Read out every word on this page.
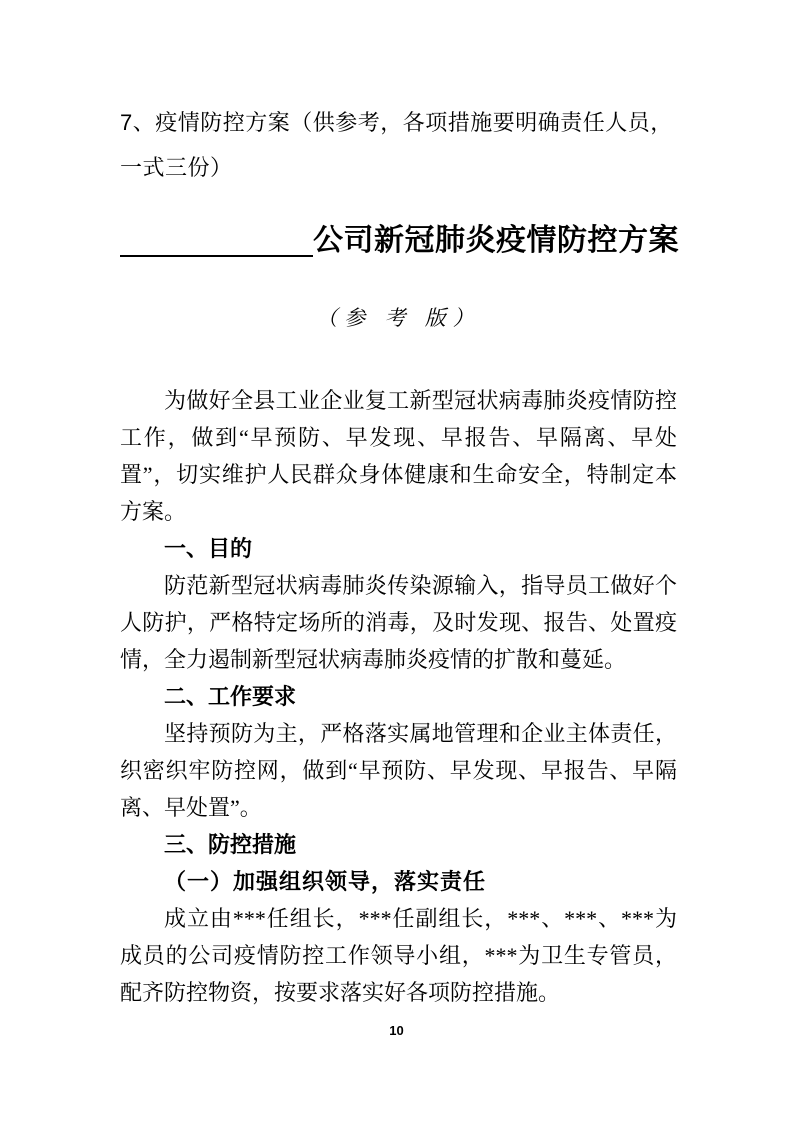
7、疫情防控方案（供参考，各项措施要明确责任人员，一式三份）
公司新冠肺炎疫情防控方案
（参 考 版）

为做好全县工业企业复工新型冠状病毒肺炎疫情防控工作，做到“早预防、早发现、早报告、早隔离、早处置”，切实维护人民群众身体健康和生命安全，特制定本方案。

一、目的

防范新型冠状病毒肺炎传染源输入，指导员工做好个人防护，严格特定场所的消毒，及时发现、报告、处置疫情，全力遏制新型冠状病毒肺炎疫情的扩散和蔓延。

二、工作要求

坚持预防为主，严格落实属地管理和企业主体责任，织密织牢防控网，做到“早预防、早发现、早报告、早隔离、早处置”。

三、防控措施
（一）加强组织领导，落实责任

成立由***任组长，***任副组长，***、***、***为成员的公司疫情防控工作领导小组，***为卫生专管员，配齐防控物资，按要求落实好各项防控措施。

10
